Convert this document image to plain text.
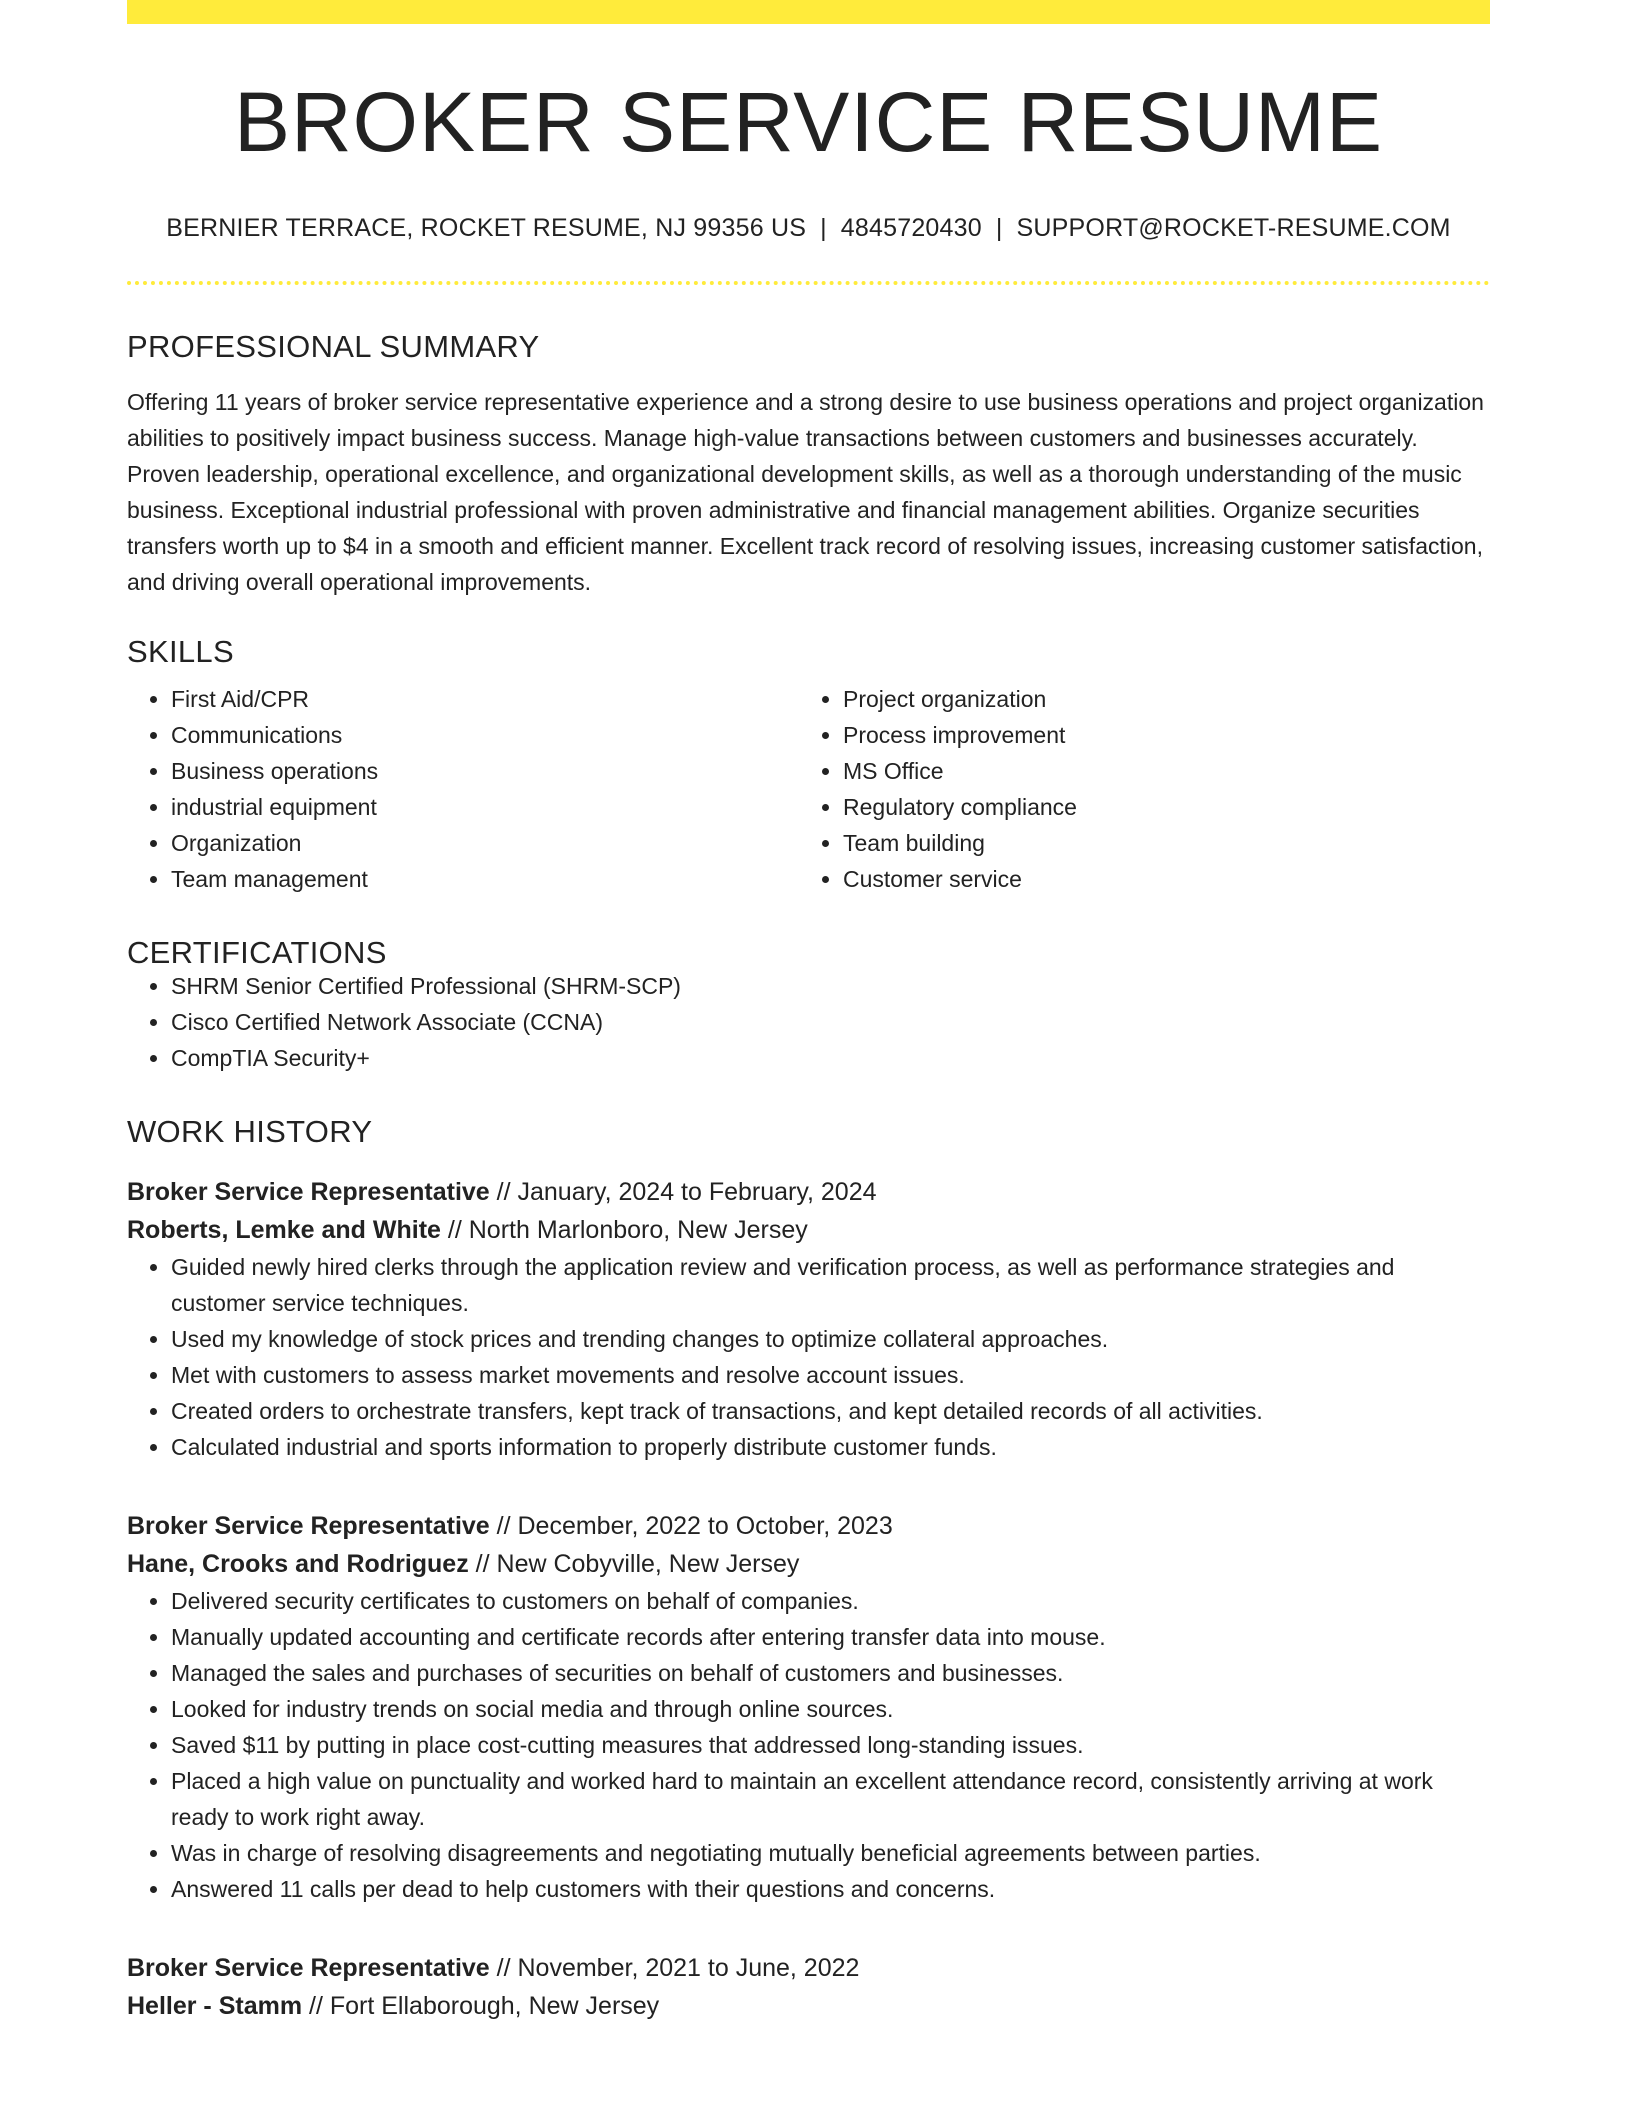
BROKER SERVICE RESUME
BERNIER TERRACE, ROCKET RESUME, NJ 99356 US | 4845720430 | SUPPORT@ROCKET-RESUME.COM
PROFESSIONAL SUMMARY

Offering 11 years of broker service representative experience and a strong desire to use business operations and project organization abilities to positively impact business success. Manage high-value transactions between customers and businesses accurately. Proven leadership, operational excellence, and organizational development skills, as well as a thorough understanding of the music business. Exceptional industrial professional with proven administrative and financial management abilities. Organize securities transfers worth up to $4 in a smooth and efficient manner. Excellent track record of resolving issues, increasing customer satisfaction, and driving overall operational improvements.

SKILLS
• First Aid/CPR
• Communications
• Business operations
• industrial equipment
• Organization
• Team management
• Project organization
• Process improvement
• MS Office
• Regulatory compliance
• Team building
• Customer service
CERTIFICATIONS
• SHRM Senior Certified Professional (SHRM-SCP)
• Cisco Certified Network Associate (CCNA)
• CompTIA Security+
WORK HISTORY
Broker Service Representative // January, 2024 to February, 2024
Roberts, Lemke and White // North Marlonboro, New Jersey
• Guided newly hired clerks through the application review and verification process, as well as performance strategies and customer service techniques.
• Used my knowledge of stock prices and trending changes to optimize collateral approaches.
• Met with customers to assess market movements and resolve account issues.
• Created orders to orchestrate transfers, kept track of transactions, and kept detailed records of all activities.
• Calculated industrial and sports information to properly distribute customer funds.
Broker Service Representative // December, 2022 to October, 2023
Hane, Crooks and Rodriguez // New Cobyville, New Jersey
• Delivered security certificates to customers on behalf of companies.
• Manually updated accounting and certificate records after entering transfer data into mouse.
• Managed the sales and purchases of securities on behalf of customers and businesses.
• Looked for industry trends on social media and through online sources.
• Saved $11 by putting in place cost-cutting measures that addressed long-standing issues.
• Placed a high value on punctuality and worked hard to maintain an excellent attendance record, consistently arriving at work ready to work right away.
• Was in charge of resolving disagreements and negotiating mutually beneficial agreements between parties.
• Answered 11 calls per dead to help customers with their questions and concerns.
Broker Service Representative // November, 2021 to June, 2022
Heller - Stamm // Fort Ellaborough, New Jersey
